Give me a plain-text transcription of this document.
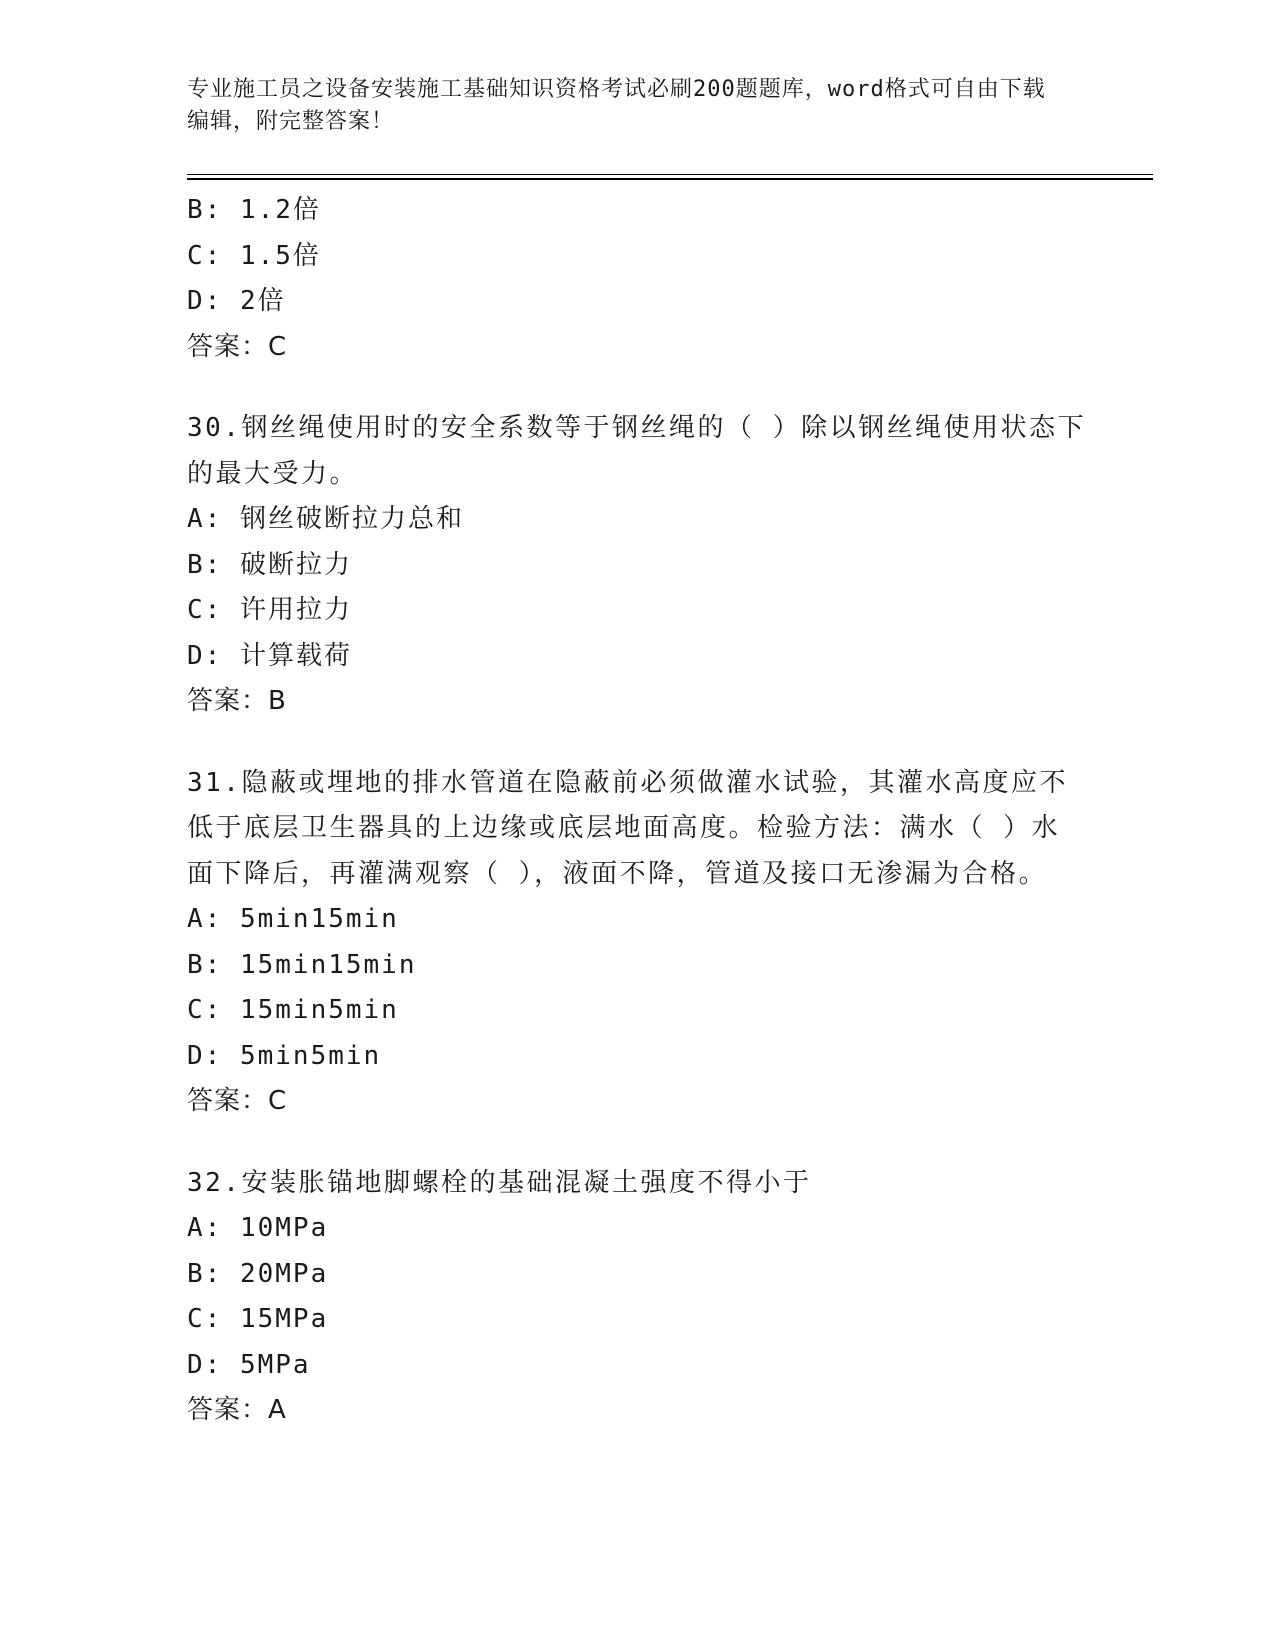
专业施工员之设备安装施工基础知识资格考试必刷200题题库，word格式可自由下载编辑，附完整答案！
B: 1.2倍
C: 1.5倍
D: 2倍
答案：C
30.钢丝绳使用时的安全系数等于钢丝绳的（ ）除以钢丝绳使用状态下的最大受力。
A: 钢丝破断拉力总和
B: 破断拉力
C: 许用拉力
D: 计算载荷
答案：B
31.隐蔽或埋地的排水管道在隐蔽前必须做灌水试验，其灌水高度应不低于底层卫生器具的上边缘或底层地面高度。检验方法：满水（ ）水面下降后，再灌满观察（ ），液面不降，管道及接口无渗漏为合格。
A: 5min15min
B: 15min15min
C: 15min5min
D: 5min5min
答案：C
32.安装胀锚地脚螺栓的基础混凝土强度不得小于
A: 10MPa
B: 20MPa
C: 15MPa
D: 5MPa
答案：A
